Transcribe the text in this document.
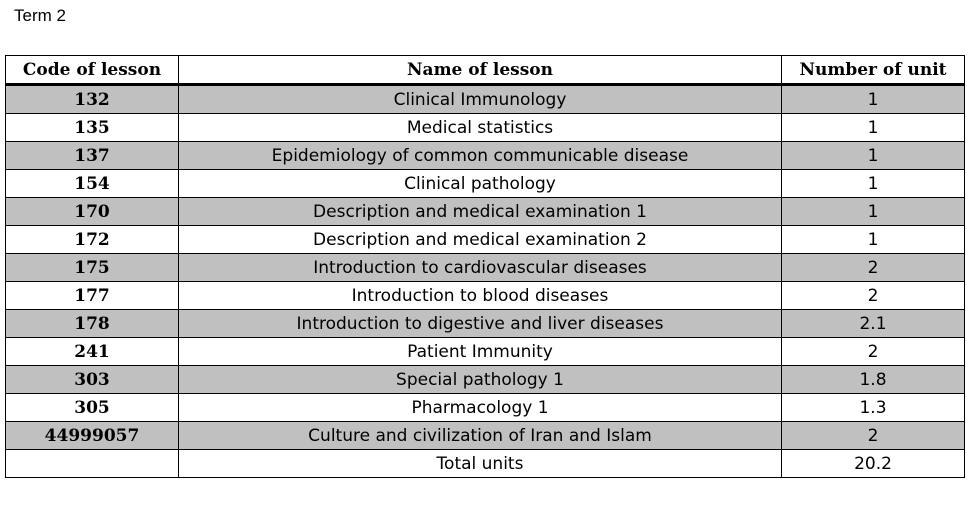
Term 2
Code of lesson	Name of lesson	Number of unit
132	Clinical Immunology	1
135	Medical statistics	1
137	Epidemiology of common communicable disease	1
154	Clinical pathology	1
170	Description and medical examination 1	1
172	Description and medical examination 2	1
175	Introduction to cardiovascular diseases	2
177	Introduction to blood diseases	2
178	Introduction to digestive and liver diseases	2.1
241	Patient Immunity	2
303	Special pathology 1	1.8
305	Pharmacology 1	1.3
44999057	Culture and civilization of Iran and Islam	2
	Total units	20.2
